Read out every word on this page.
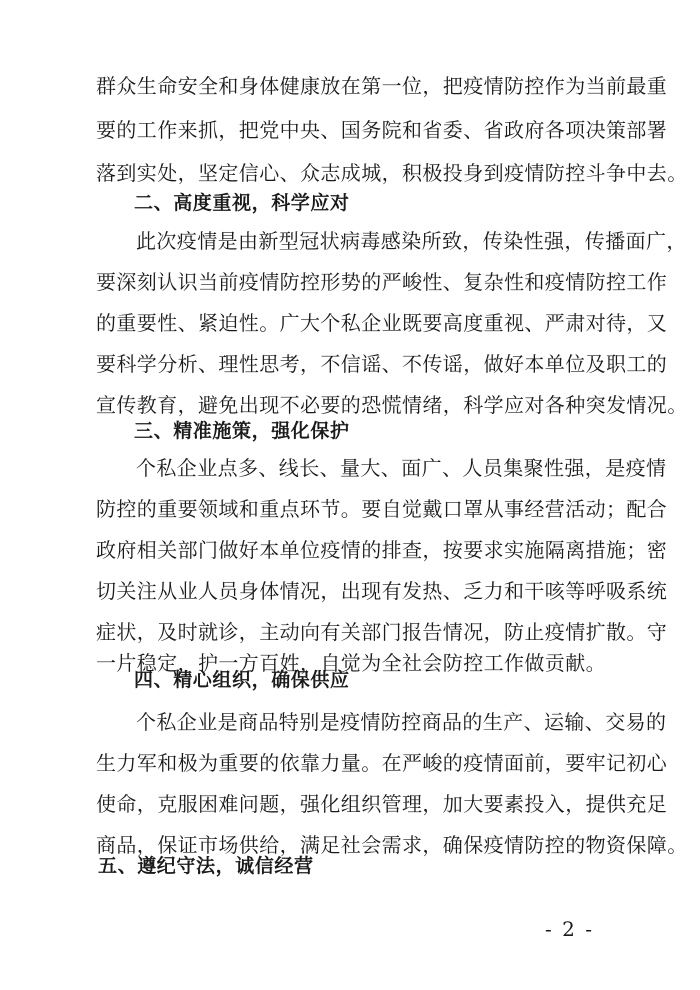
群众生命安全和身体健康放在第一位，把疫情防控作为当前最重
要的工作来抓，把党中央、国务院和省委、省政府各项决策部署
落到实处，坚定信心、众志成城，积极投身到疫情防控斗争中去。
二、高度重视，科学应对
此次疫情是由新型冠状病毒感染所致，传染性强，传播面广，
要深刻认识当前疫情防控形势的严峻性、复杂性和疫情防控工作
的重要性、紧迫性。广大个私企业既要高度重视、严肃对待，又
要科学分析、理性思考，不信谣、不传谣，做好本单位及职工的
宣传教育，避免出现不必要的恐慌情绪，科学应对各种突发情况。
三、精准施策，强化保护
个私企业点多、线长、量大、面广、人员集聚性强，是疫情
防控的重要领域和重点环节。要自觉戴口罩从事经营活动；配合
政府相关部门做好本单位疫情的排查，按要求实施隔离措施；密
切关注从业人员身体情况，出现有发热、乏力和干咳等呼吸系统
症状，及时就诊，主动向有关部门报告情况，防止疫情扩散。守
一片稳定，护一方百姓，自觉为全社会防控工作做贡献。
四、精心组织，确保供应
个私企业是商品特别是疫情防控商品的生产、运输、交易的
生力军和极为重要的依靠力量。在严峻的疫情面前，要牢记初心
使命，克服困难问题，强化组织管理，加大要素投入，提供充足
商品，保证市场供给，满足社会需求，确保疫情防控的物资保障。
五、遵纪守法，诚信经营
- 2 -
